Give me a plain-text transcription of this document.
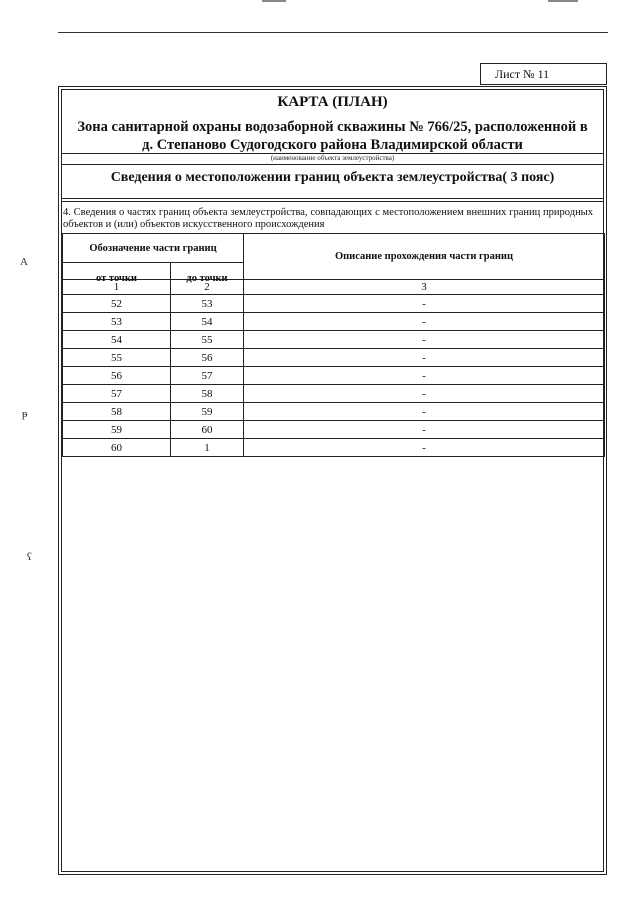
Лист № 11
КАРТА (ПЛАН)
Зона санитарной охраны водозаборной скважины № 766/25, расположенной в
д. Степаново Судогодского района Владимирской области
(наименование объекта землеустройства)
Сведения о местоположении границ объекта землеустройства( 3 пояс)
4. Сведения о частях границ объекта землеустройства, совпадающих с местоположением внешних границ природных объектов и (или) объектов искусственного происхождения
A
ᵽ
ʕ
Обозначение части границ		Описание прохождения части границ

от точки	до точки	

1	2	3
52	53	-
53	54	-
54	55	-
55	56	-
56	57	-
57	58	-
58	59	-
59	60	-
60	1	-
